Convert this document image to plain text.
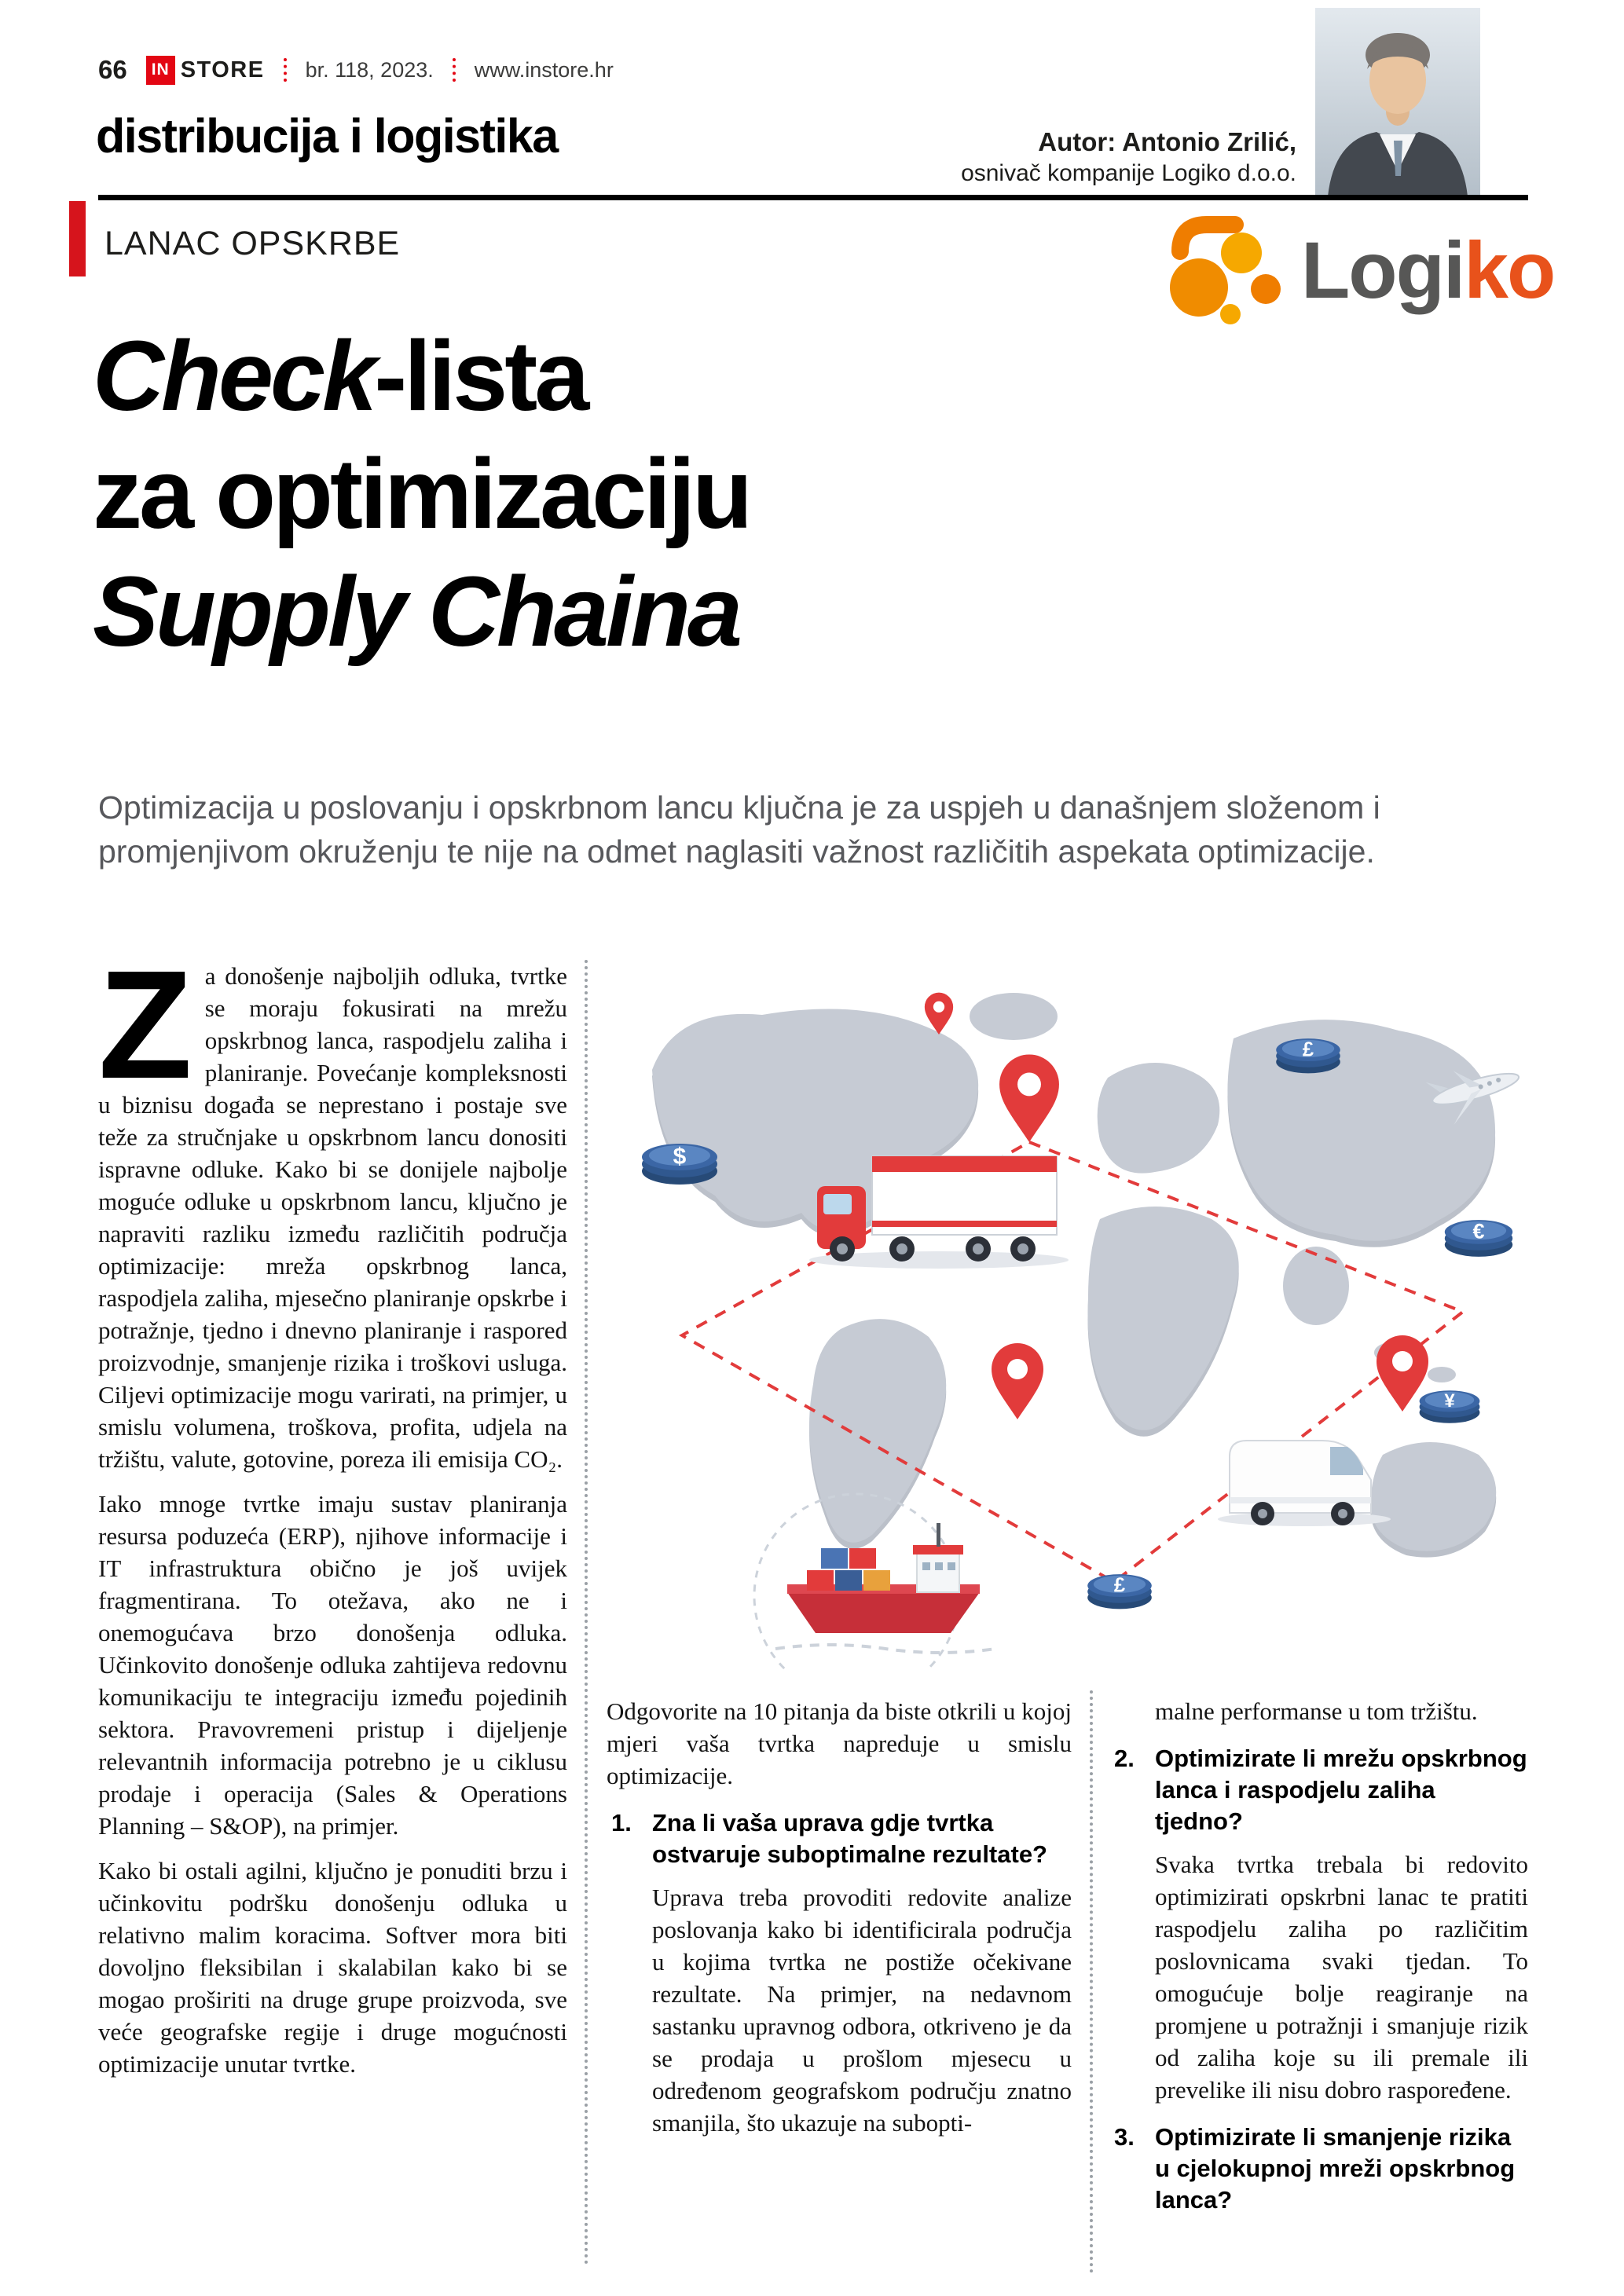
66	IN STORE br. 118, 2023. www.instore.hr
distribucija i logistika	Autor: Antonio Zrilić,
osnivač kompanije Logiko d.o.o.
LANAC OPSKRBE	Logiko
Check-lista
za optimizaciju
Supply Chaina
Optimizacija u poslovanju i opskrbnom lancu ključna je za uspjeh u današnjem složenom i promjenjivom okruženju te nije na odmet naglasiti važnost različitih aspekata optimizacije.

Za donošenje najboljih odluka, tvrtke se moraju fokusirati na mrežu opskrbnog lanca, raspodjelu zaliha i planiranje. Povećanje kompleksnosti u biznisu događa se neprestano i postaje sve teže za stručnjake u opskrbnom lancu donositi ispravne odluke. Kako bi se donijele najbolje moguće odluke u opskrbnom lancu, ključno je napraviti razliku između različitih područja optimizacije: mreža opskrbnog lanca, raspodjela zaliha, mjesečno planiranje opskrbe i potražnje, tjedno i dnevno planiranje i raspored proizvodnje, smanjenje rizika i troškovi usluga. Ciljevi optimizacije mogu varirati, na primjer, u smislu volumena, troškova, profita, udjela na tržištu, valute, gotovine, poreza ili emisija CO₂.

Iako mnoge tvrtke imaju sustav planiranja resursa poduzeća (ERP), njihove informacije i IT infrastruktura obično je još uvijek fragmentirana. To otežava, ako ne i onemogućava brzo donošenja odluka. Učinkovito donošenje odluka zahtijeva redovnu komunikaciju te integraciju između pojedinih sektora. Pravovremeni pristup i dijeljenje relevantnih informacija potrebno je u ciklusu prodaje i operacija (Sales & Operations Planning – S&OP), na primjer.

Kako bi ostali agilni, ključno je ponuditi brzu i učinkovitu podršku donošenju odluka u relativno malim koracima. Softver mora biti dovoljno fleksibilan i skalabilan kako bi se mogao proširiti na druge grupe proizvoda, sve veće geografske regije i druge mogućnosti optimizacije unutar tvrtke.

$
£
€
¥
£

Odgovorite na 10 pitanja da biste otkrili u kojoj mjeri vaša tvrtka napreduje u smislu optimizacije.

1. Zna li vaša uprava gdje tvrtka ostvaruje suboptimalne rezultate?

Uprava treba provoditi redovite analize poslovanja kako bi identificirala područja u kojima tvrtka ne postiže očekivane rezultate. Na primjer, na nedavnom sastanku upravnog odbora, otkriveno je da se prodaja u prošlom mjesecu u određenom geografskom području znatno smanjila, što ukazuje na subopti-

malne performanse u tom tržištu.

2. Optimizirate li mrežu opskrbnog lanca i raspodjelu zaliha tjedno?

Svaka tvrtka trebala bi redovito optimizirati opskrbni lanac te pratiti raspodjelu zaliha po različitim poslovnicama svaki tjedan. To omogućuje bolje reagiranje na promjene u potražnji i smanjuje rizik od zaliha koje su ili premale ili prevelike ili nisu dobro raspoređene.

3. Optimizirate li smanjenje rizika u cjelokupnoj mreži opskrbnog lanca?
